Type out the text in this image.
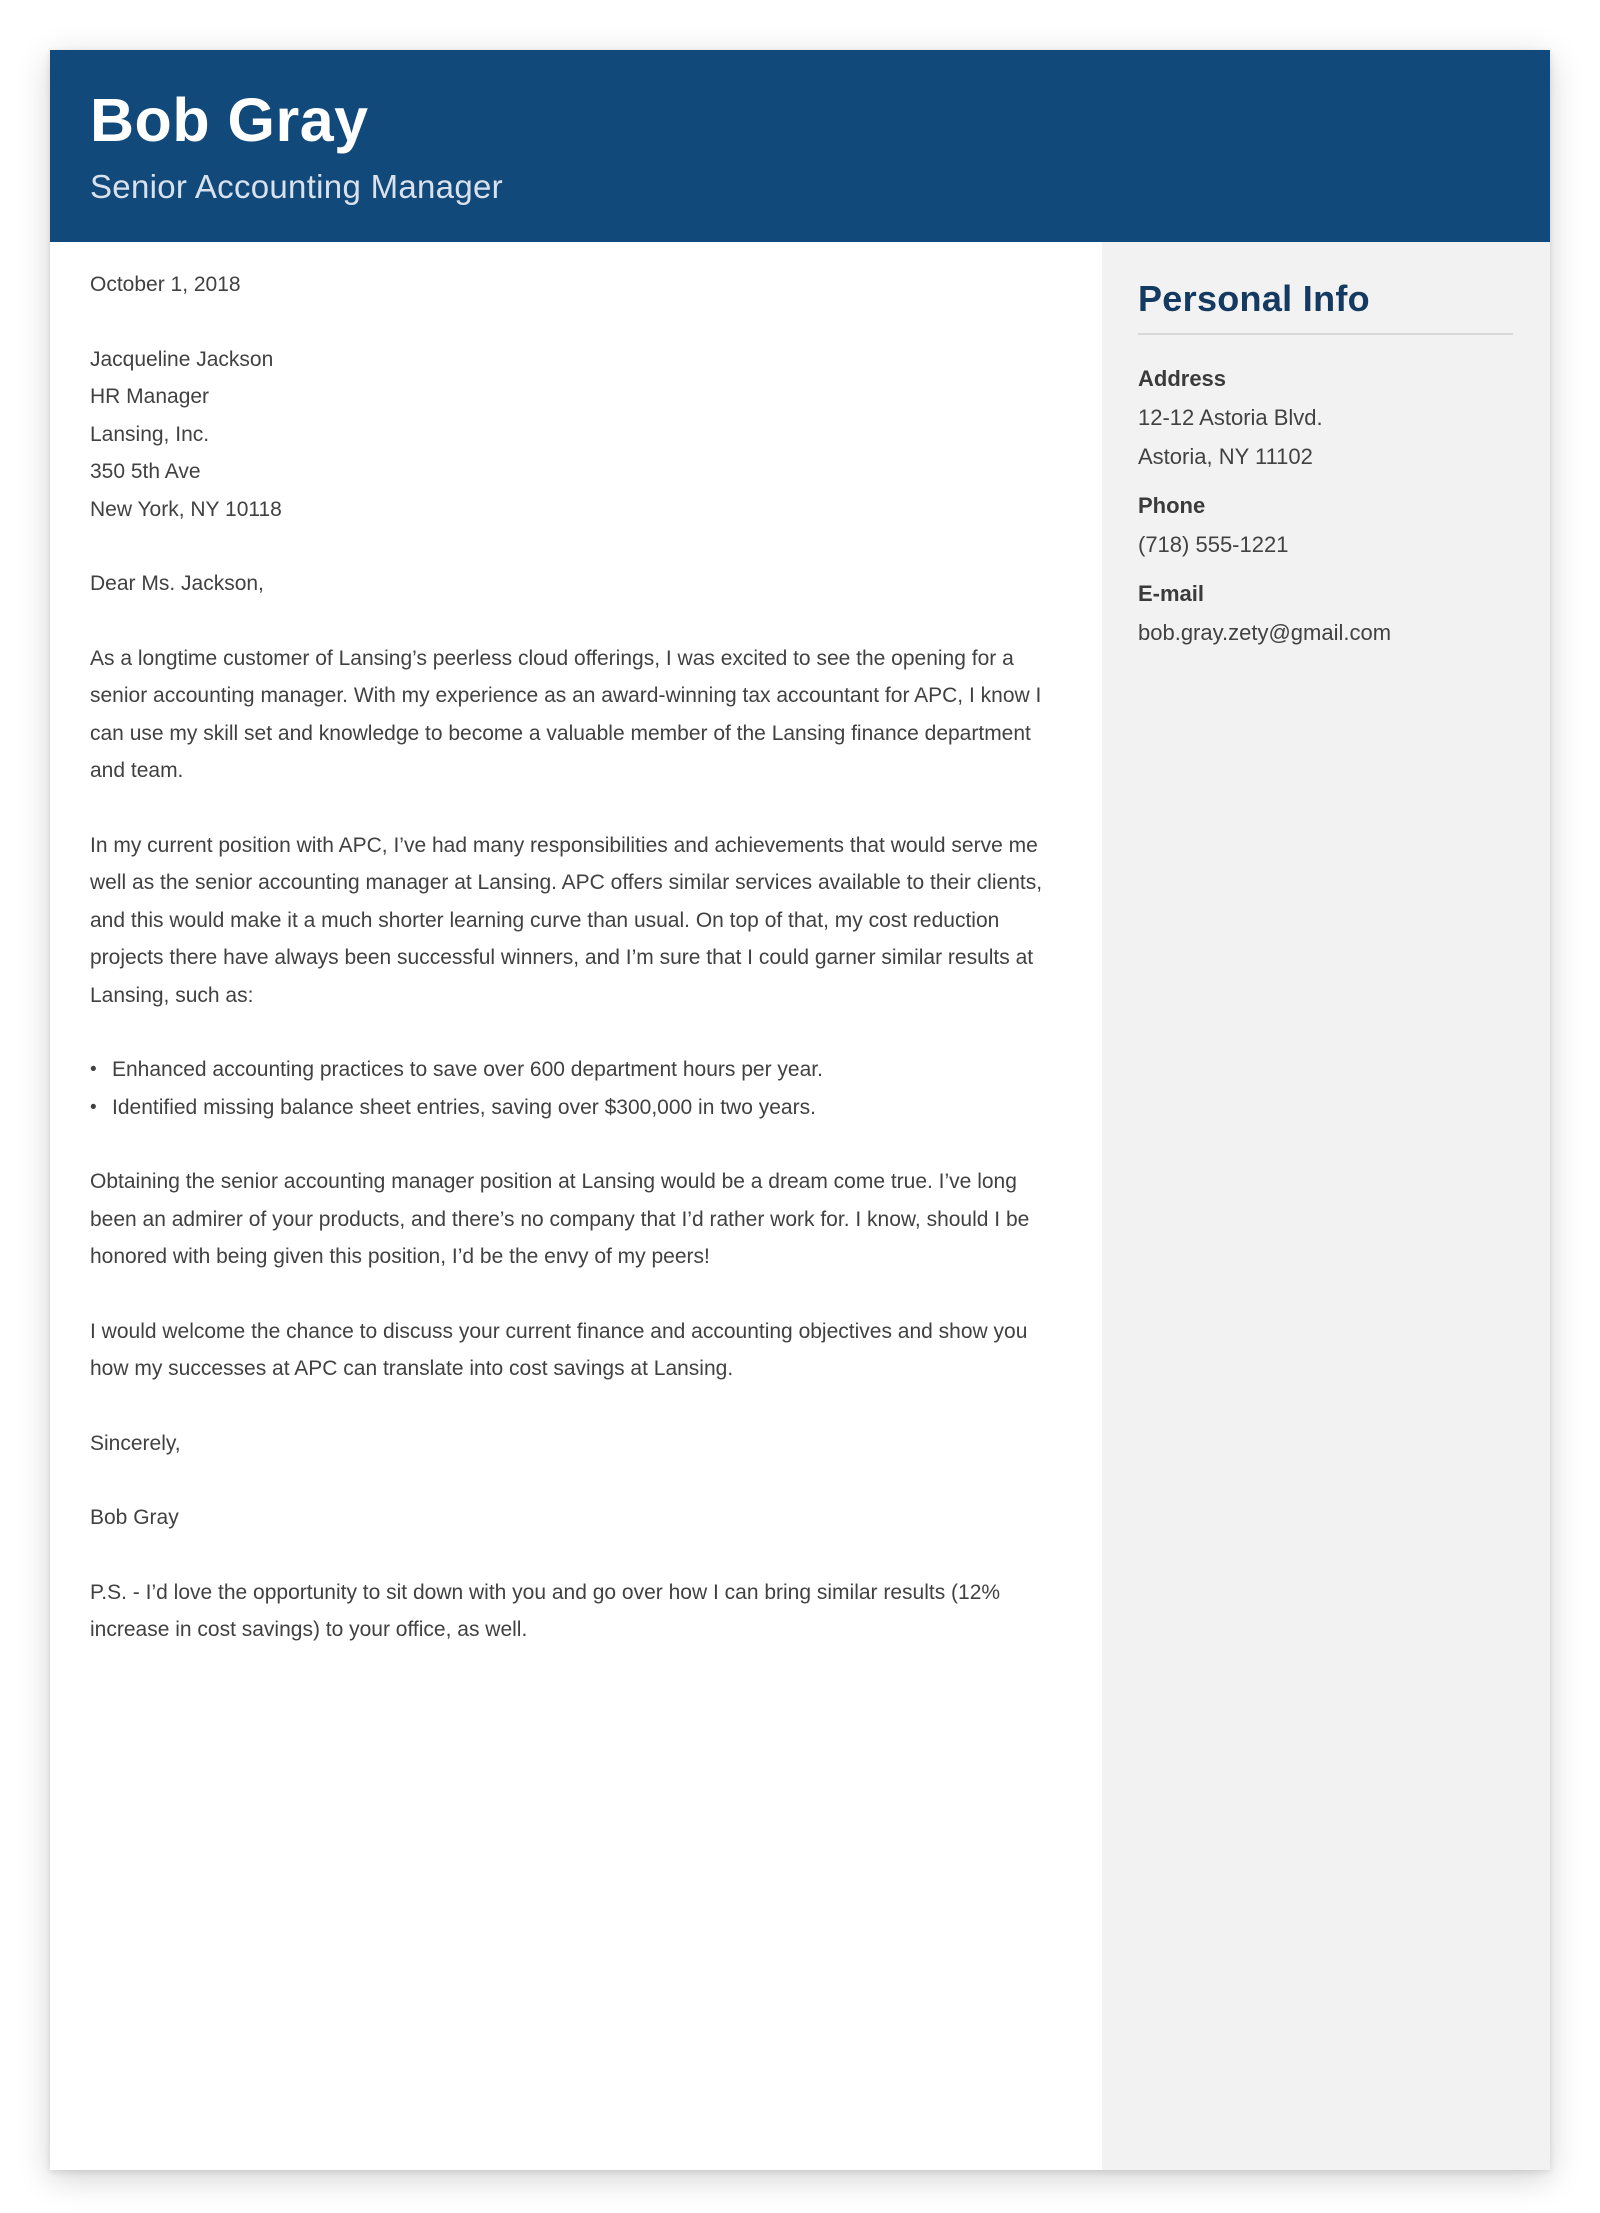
Bob Gray
Senior Accounting Manager

October 1, 2018

Jacqueline Jackson
HR Manager
Lansing, Inc.
350 5th Ave
New York, NY 10118

Dear Ms. Jackson,

As a longtime customer of Lansing’s peerless cloud offerings, I was excited to see the opening for a senior accounting manager. With my experience as an award-winning tax accountant for APC, I know I can use my skill set and knowledge to become a valuable member of the Lansing finance department and team.

In my current position with APC, I’ve had many responsibilities and achievements that would serve me well as the senior accounting manager at Lansing. APC offers similar services available to their clients, and this would make it a much shorter learning curve than usual. On top of that, my cost reduction projects there have always been successful winners, and I’m sure that I could garner similar results at Lansing, such as:

• Enhanced accounting practices to save over 600 department hours per year.
• Identified missing balance sheet entries, saving over $300,000 in two years.

Obtaining the senior accounting manager position at Lansing would be a dream come true. I’ve long been an admirer of your products, and there’s no company that I’d rather work for. I know, should I be honored with being given this position, I’d be the envy of my peers!

I would welcome the chance to discuss your current finance and accounting objectives and show you how my successes at APC can translate into cost savings at Lansing.

Sincerely,

Bob Gray

P.S. - I’d love the opportunity to sit down with you and go over how I can bring similar results (12% increase in cost savings) to your office, as well.

Personal Info
Address
12-12 Astoria Blvd.
Astoria, NY 11102
Phone
(718) 555-1221
E-mail
bob.gray.zety@gmail.com
